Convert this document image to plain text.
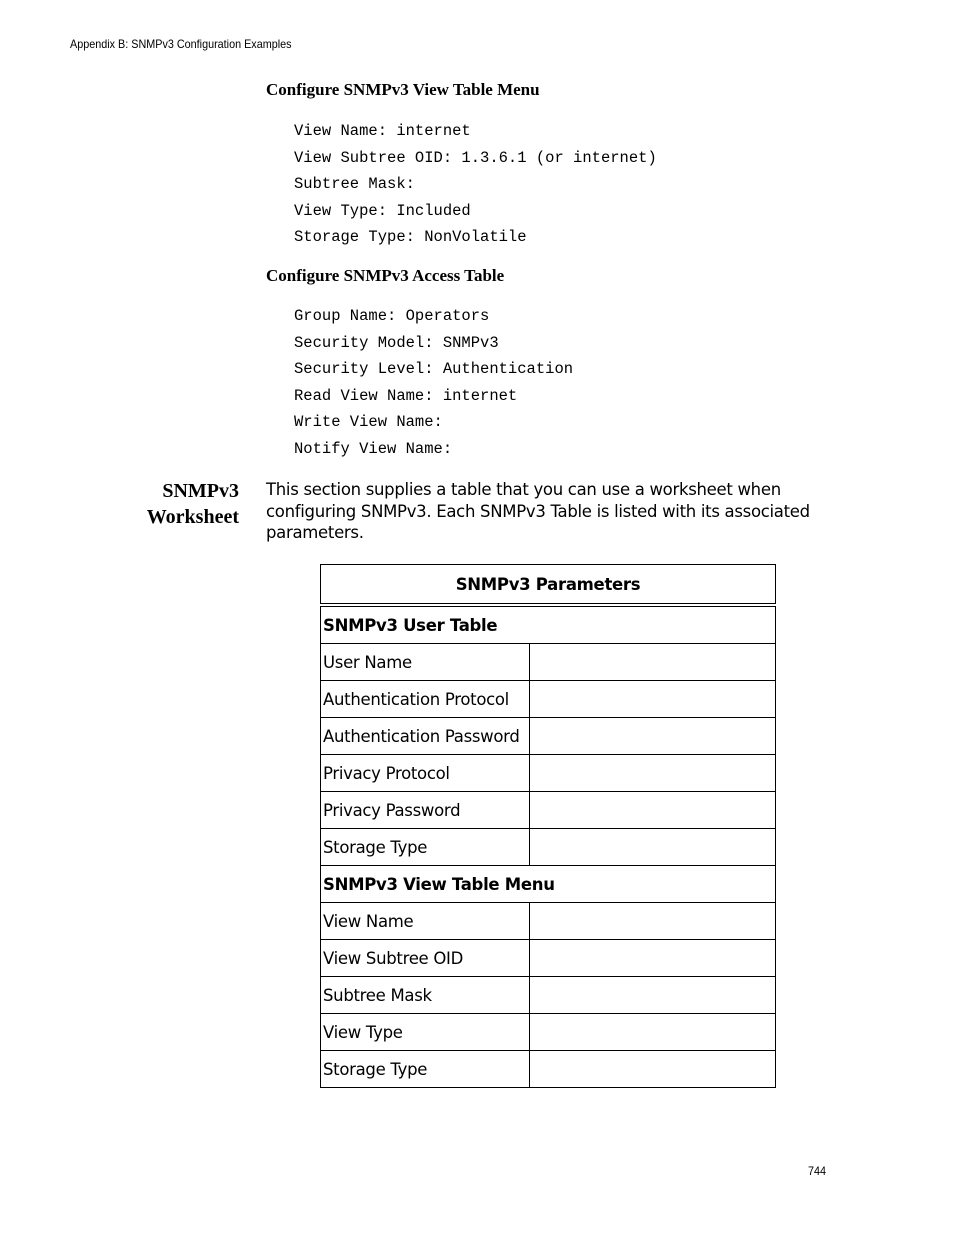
Appendix B: SNMPv3 Configuration Examples
Configure SNMPv3 View Table Menu
View Name: internet
View Subtree OID: 1.3.6.1 (or internet)
Subtree Mask:
View Type: Included
Storage Type: NonVolatile
Configure SNMPv3 Access Table
Group Name: Operators
Security Model: SNMPv3
Security Level: Authentication
Read View Name: internet
Write View Name:
Notify View Name:
SNMPv3
Worksheet

This section supplies a table that you can use a worksheet when configuring SNMPv3. Each SNMPv3 Table is listed with its associated parameters.

SNMPv3 Parameters	
SNMPv3 User Table	
User Name	
Authentication Protocol	
Authentication Password	
Privacy Protocol	
Privacy Password	
Storage Type	
SNMPv3 View Table Menu	
View Name	
View Subtree OID	
Subtree Mask	
View Type	
Storage Type	
744
